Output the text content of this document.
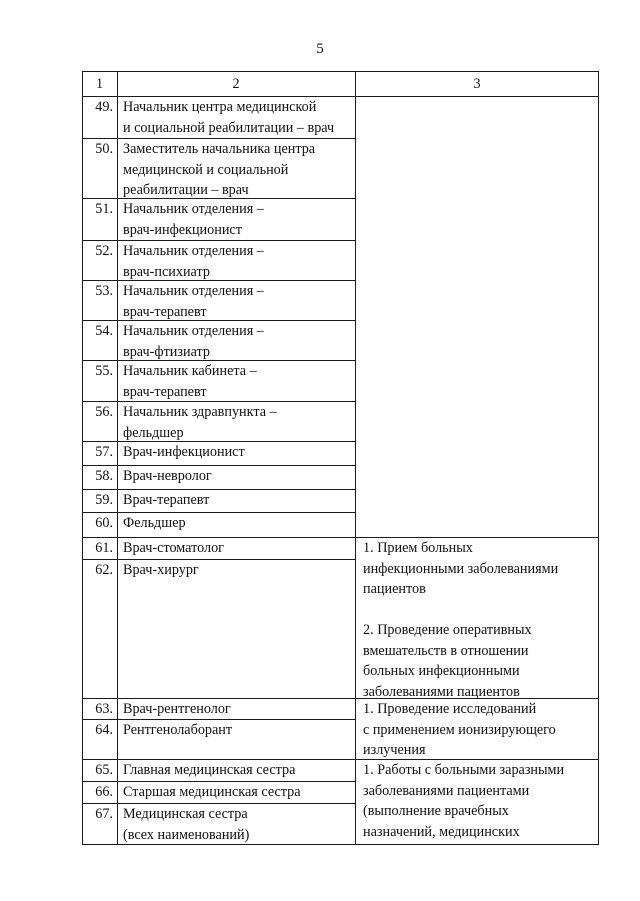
5
1	2	3
49. Начальник центра медицинской
и социальной реабилитации – врач
50. Заместитель начальника центра
медицинской и социальной
реабилитации – врач
51. Начальник отделения –
врач-инфекционист
52. Начальник отделения –
врач-психиатр
53. Начальник отделения –
врач-терапевт
54. Начальник отделения –
врач-фтизиатр
55. Начальник кабинета –
врач-терапевт
56. Начальник здравпункта –
фельдшер
57. Врач-инфекционист
58. Врач-невролог
59. Врач-терапевт
60. Фельдшер
61. Врач-стоматолог
62. Врач-хирург
63. Врач-рентгенолог
64. Рентгенолаборант
65. Главная медицинская сестра
66. Старшая медицинская сестра
67. Медицинская сестра
(всех наименований)
1. Прием больных
инфекционными заболеваниями
пациентов

2. Проведение оперативных
вмешательств в отношении
больных инфекционными
заболеваниями пациентов
1. Проведение исследований
с применением ионизирующего
излучения
1. Работы с больными заразными
заболеваниями пациентами
(выполнение врачебных
назначений, медицинских
